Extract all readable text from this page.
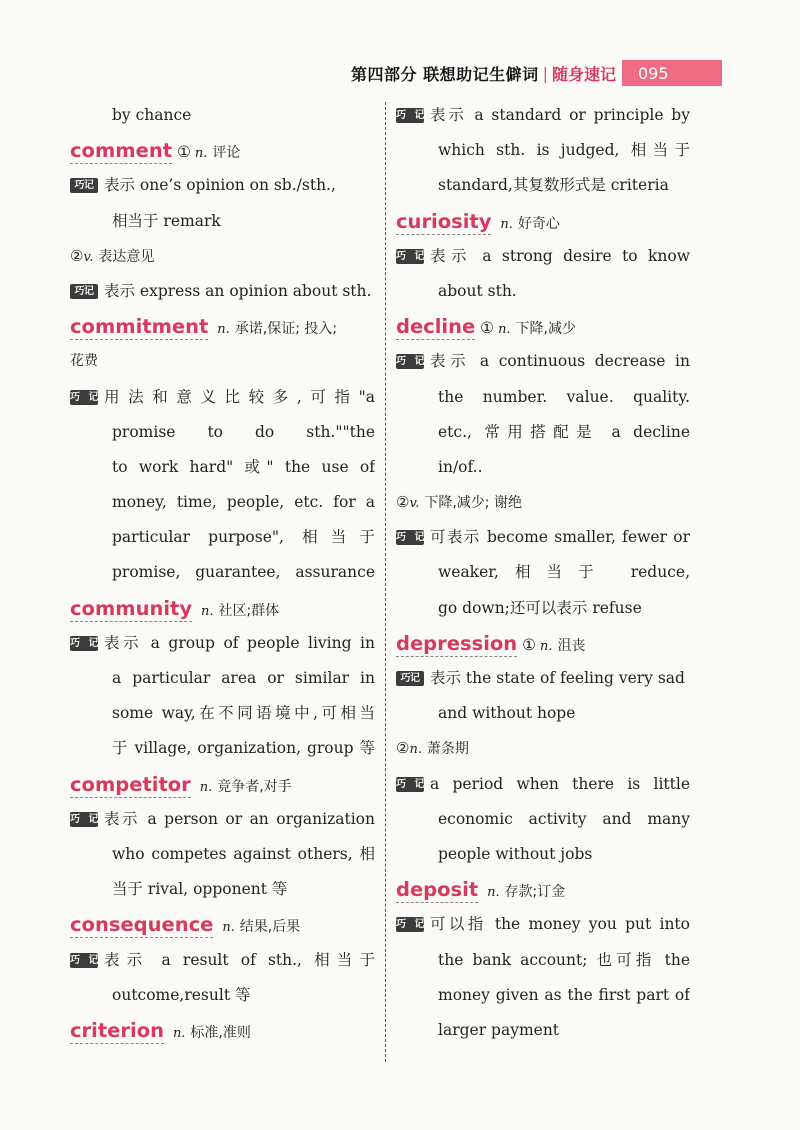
第四部分 联想助记生僻词 | 随身速记	095
by chance
comment ① n. 评论
巧记 表示 one’s opinion on sb./sth.,
相当于 remark
②v. 表达意见
巧记 表示 express an opinion about sth.
commitment n. 承诺,保证; 投入;
花费
巧记 用法和意义比较多,可指"a
promise to do sth.""the
to work hard" 或" the use of
money, time, people, etc. for a
particular purpose", 相当于
promise, guarantee, assurance
community n. 社区;群体
巧记 表示 a group of people living in
a particular area or similar in
some way,在不同语境中,可相当
于 village, organization, group 等
competitor n. 竞争者,对手
巧记 表示 a person or an organization
who competes against others, 相
当于 rival, opponent 等
consequence n. 结果,后果
巧记 表示 a result of sth., 相当于
outcome,result 等
criterion n. 标准,准则
巧记 表示 a standard or principle by
which sth. is judged, 相当于
standard,其复数形式是 criteria
curiosity n. 好奇心
巧记 表示 a strong desire to know
about sth.
decline ① n. 下降,减少
巧记 表示 a continuous decrease in
the number. value. quality.
etc., 常用搭配是 a decline
in/of..
②v. 下降,减少; 谢绝
巧记 可表示 become smaller, fewer or
weaker,相当于 reduce,
go down;还可以表示 refuse
depression ① n. 沮丧
巧记 表示 the state of feeling very sad
and without hope
②n. 萧条期
巧记 a period when there is little
economic activity and many
people without jobs
deposit n. 存款;订金
巧记 可以指 the money you put into
the bank account; 也可指 the
money given as the first part of
larger payment
